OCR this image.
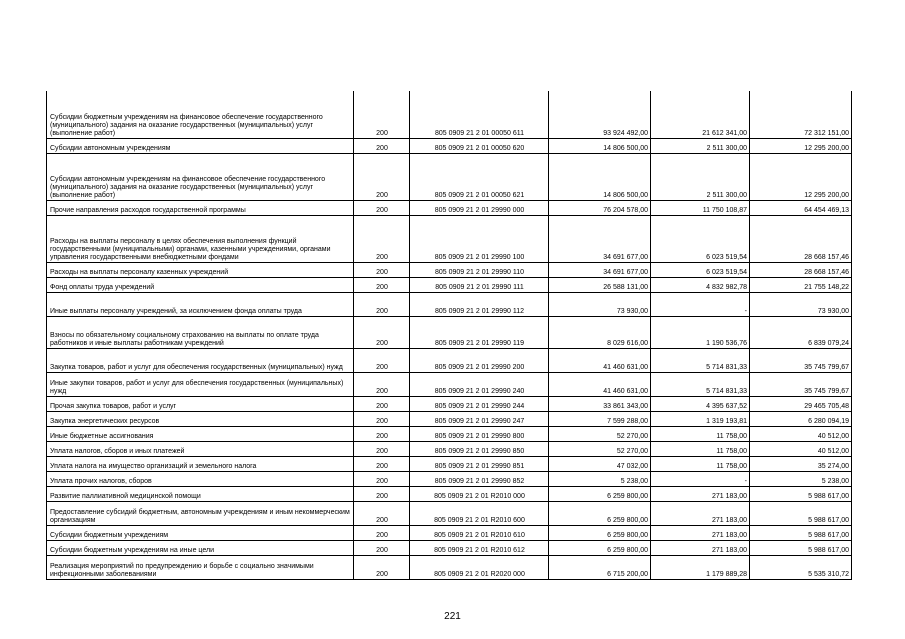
Субсидии бюджетным учреждениям на финансовое обеспечение государственного (муниципального) задания на оказание государственных (муниципальных) услуг (выполнение работ)	200	805 0909 21 2 01 00050 611	93 924 492,00	21 612 341,00	72 312 151,00
Субсидии автономным учреждениям	200	805 0909 21 2 01 00050 620	14 806 500,00	2 511 300,00	12 295 200,00
Субсидии автономным учреждениям на финансовое обеспечение государственного (муниципального) задания на оказание государственных (муниципальных) услуг (выполнение работ)	200	805 0909 21 2 01 00050 621	14 806 500,00	2 511 300,00	12 295 200,00
Прочие направления расходов государственной программы	200	805 0909 21 2 01 29990 000	76 204 578,00	11 750 108,87	64 454 469,13
Расходы на выплаты персоналу в целях обеспечения выполнения функций государственными (муниципальными) органами, казенными учреждениями, органами управления государственными внебюджетными фондами	200	805 0909 21 2 01 29990 100	34 691 677,00	6 023 519,54	28 668 157,46
Расходы на выплаты персоналу казенных учреждений	200	805 0909 21 2 01 29990 110	34 691 677,00	6 023 519,54	28 668 157,46
Фонд оплаты труда учреждений	200	805 0909 21 2 01 29990 111	26 588 131,00	4 832 982,78	21 755 148,22
Иные выплаты персоналу учреждений, за исключением фонда оплаты труда	200	805 0909 21 2 01 29990 112	73 930,00	-	73 930,00
Взносы по обязательному социальному страхованию на выплаты по оплате труда работников и иные выплаты работникам учреждений	200	805 0909 21 2 01 29990 119	8 029 616,00	1 190 536,76	6 839 079,24
Закупка товаров, работ и услуг для обеспечения государственных (муниципальных) нужд	200	805 0909 21 2 01 29990 200	41 460 631,00	5 714 831,33	35 745 799,67
Иные закупки товаров, работ и услуг для обеспечения государственных (муниципальных) нужд	200	805 0909 21 2 01 29990 240	41 460 631,00	5 714 831,33	35 745 799,67
Прочая закупка товаров, работ и услуг	200	805 0909 21 2 01 29990 244	33 861 343,00	4 395 637,52	29 465 705,48
Закупка энергетических ресурсов	200	805 0909 21 2 01 29990 247	7 599 288,00	1 319 193,81	6 280 094,19
Иные бюджетные ассигнования	200	805 0909 21 2 01 29990 800	52 270,00	11 758,00	40 512,00
Уплата налогов, сборов и иных платежей	200	805 0909 21 2 01 29990 850	52 270,00	11 758,00	40 512,00
Уплата налога на имущество организаций и земельного налога	200	805 0909 21 2 01 29990 851	47 032,00	11 758,00	35 274,00
Уплата прочих налогов, сборов	200	805 0909 21 2 01 29990 852	5 238,00	-	5 238,00
Развитие паллиативной медицинской помощи	200	805 0909 21 2 01 R2010 000	6 259 800,00	271 183,00	5 988 617,00
Предоставление субсидий бюджетным, автономным учреждениям и иным некоммерческим организациям	200	805 0909 21 2 01 R2010 600	6 259 800,00	271 183,00	5 988 617,00
Субсидии бюджетным учреждениям	200	805 0909 21 2 01 R2010 610	6 259 800,00	271 183,00	5 988 617,00
Субсидии бюджетным учреждениям на иные цели	200	805 0909 21 2 01 R2010 612	6 259 800,00	271 183,00	5 988 617,00
Реализация мероприятий по предупреждению и борьбе с социально значимыми инфекционными заболеваниями	200	805 0909 21 2 01 R2020 000	6 715 200,00	1 179 889,28	5 535 310,72
221
